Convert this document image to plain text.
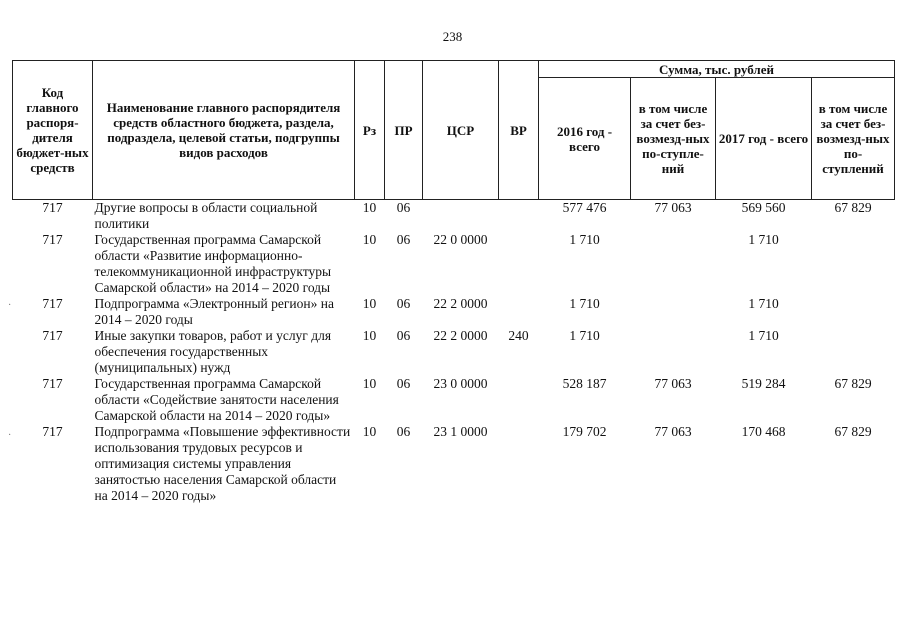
238
·
·
Код главного распоря-дителя бюджет-ных средств	Наименование главного распорядителя средств областного бюджета, раздела, подраздела, целевой статьи, подгруппы видов расходов	Рз	ПР	ЦСР	ВР	Сумма, тыс. рублей			
						2016 год - всего	в том числе за счет без-возмезд-ных по-ступле-ний	2017 год - всего	в том числе за счет без-возмезд-ных по-ступлений
717	Другие вопросы в области социальной политики	10	06			577 476	77 063	569 560	67 829
717	Государственная программа Самарской области «Развитие информационно-телекоммуникационной инфраструктуры Самарской области» на 2014 – 2020 годы	10	06	22 0 0000		1 710		1 710	
717	Подпрограмма «Электронный регион» на 2014 – 2020 годы	10	06	22 2 0000		1 710		1 710	
717	Иные закупки товаров, работ и услуг для обеспечения государственных (муниципальных) нужд	10	06	22 2 0000	240	1 710		1 710	
717	Государственная программа Самарской области «Содействие занятости населения Самарской области на 2014 – 2020 годы»	10	06	23 0 0000		528 187	77 063	519 284	67 829
717	Подпрограмма «Повышение эффективности использования трудовых ресурсов и оптимизация системы управления занятостью населения Самарской области на 2014 – 2020 годы»	10	06	23 1 0000		179 702	77 063	170 468	67 829
